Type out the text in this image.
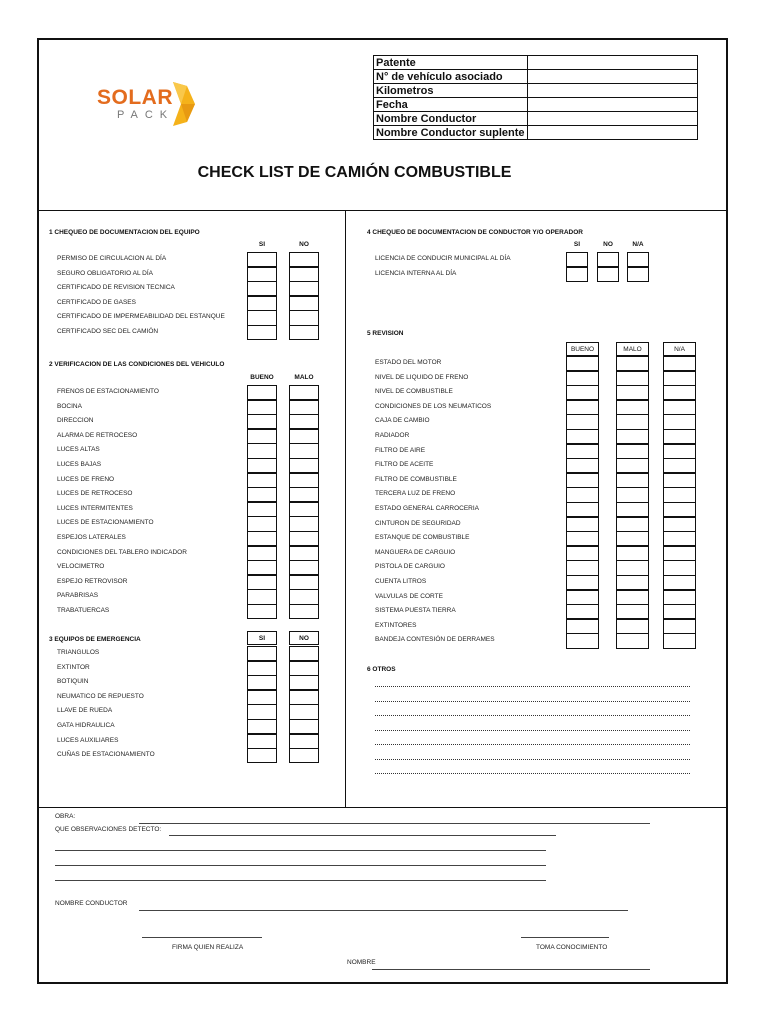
SOLAR
PACK
Patente	
N° de vehículo asociado	
Kilometros	
Fecha	
Nombre Conductor	
Nombre Conductor suplente	
CHECK LIST DE CAMIÓN COMBUSTIBLE
1 CHEQUEO DE DOCUMENTACION DEL EQUIPO
SI	NO
PERMISO DE CIRCULACION AL DÍA
SEGURO OBLIGATORIO AL DÍA
CERTIFICADO DE REVISION TECNICA
CERTIFICADO DE GASES
CERTIFICADO DE IMPERMEABILIDAD DEL ESTANQUE
CERTIFICADO SEC DEL CAMIÓN
2 VERIFICACION DE LAS CONDICIONES DEL VEHICULO
BUENO	MALO
FRENOS DE ESTACIONAMIENTO
BOCINA
DIRECCION
ALARMA DE RETROCESO
LUCES ALTAS
LUCES BAJAS
LUCES DE FRENO
LUCES DE RETROCESO
LUCES INTERMITENTES
LUCES DE ESTACIONAMIENTO
ESPEJOS LATERALES
CONDICIONES DEL TABLERO INDICADOR
VELOCIMETRO
ESPEJO RETROVISOR
PARABRISAS
TRABATUERCAS
3 EQUIPOS DE EMERGENCIA	SI	NO
TRIANGULOS
EXTINTOR
BOTIQUIN
NEUMATICO DE REPUESTO
LLAVE DE RUEDA
GATA HIDRAULICA
LUCES AUXILIARES
CUÑAS DE ESTACIONAMIENTO
4 CHEQUEO DE DOCUMENTACION DE CONDUCTOR Y/O OPERADOR
SI	NO	N/A
LICENCIA DE CONDUCIR MUNICIPAL AL DÍA
LICENCIA INTERNA AL DÍA
5 REVISION
BUENO	MALO	N/A
ESTADO DEL MOTOR
NIVEL DE LIQUIDO DE FRENO
NIVEL DE COMBUSTIBLE
CONDICIONES DE LOS NEUMATICOS
CAJA DE CAMBIO
RADIADOR
FILTRO DE AIRE
FILTRO DE ACEITE
FILTRO DE COMBUSTIBLE
TERCERA LUZ DE FRENO
ESTADO GENERAL CARROCERIA
CINTURON DE SEGURIDAD
ESTANQUE DE COMBUSTIBLE
MANGUERA DE CARGUIO
PISTOLA DE CARGUIO
CUENTA LITROS
VALVULAS DE CORTE
SISTEMA PUESTA TIERRA
EXTINTORES
BANDEJA CONTESIÓN DE DERRAMES
6 OTROS
OBRA:
QUE OBSERVACIONES DETECTO:
NOMBRE CONDUCTOR
FIRMA QUIEN REALIZA	TOMA CONOCIMIENTO
NOMBRE
